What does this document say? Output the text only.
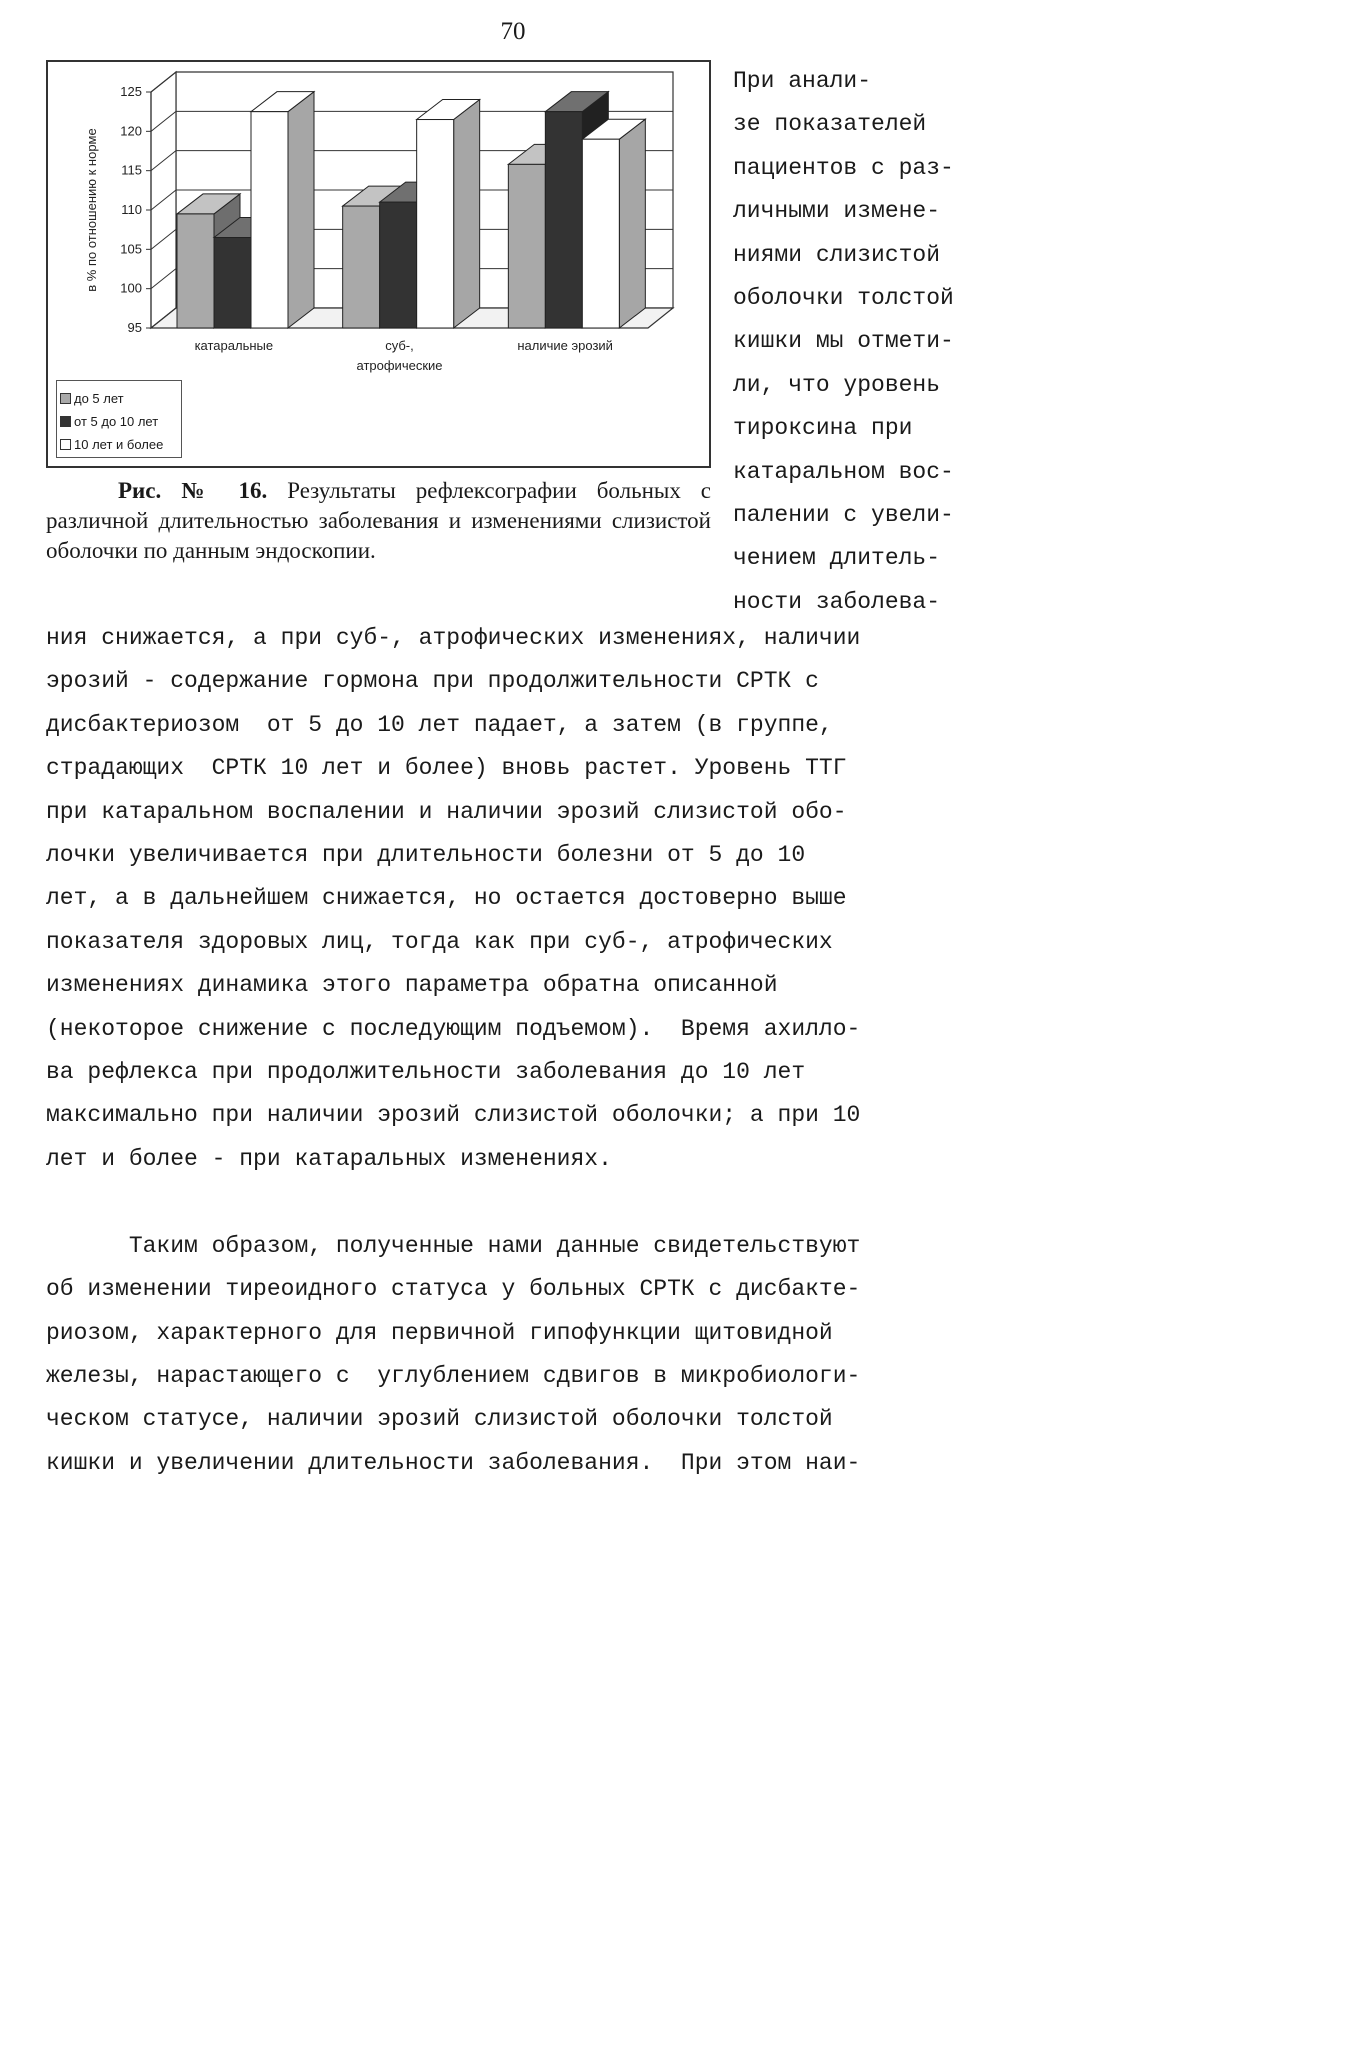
70
95
100
105
110
115
120
125
в % по отношению к норме
катаральные	суб-,
атрофические
наличие эрозий
до 5 лет
от 5 до 10 лет
10 лет и более
Рис. № 16. Результаты рефлексографии больных с различной длительностью заболевания и изменениями слизистой оболочки по данным эндоскопии.
При анали-
зе показателей
пациентов с раз-
личными измене-
ниями слизистой
оболочки толстой
кишки мы отмети-
ли, что уровень
тироксина при
катаральном вос-
палении с увели-
чением длитель-
ности заболева-
ния снижается, а при суб-, атрофических изменениях, наличии
эрозий - содержание гормона при продолжительности СРТК с
дисбактериозом  от 5 до 10 лет падает, а затем (в группе,
страдающих  СРТК 10 лет и более) вновь растет. Уровень ТТГ
при катаральном воспалении и наличии эрозий слизистой обо-
лочки увеличивается при длительности болезни от 5 до 10
лет, а в дальнейшем снижается, но остается достоверно выше
показателя здоровых лиц, тогда как при суб-, атрофических
изменениях динамика этого параметра обратна описанной
(некоторое снижение с последующим подъемом).  Время ахилло-
ва рефлекса при продолжительности заболевания до 10 лет
максимально при наличии эрозий слизистой оболочки; а при 10
лет и более - при катаральных изменениях.

Таким образом, полученные нами данные свидетельствуют
об изменении тиреоидного статуса у больных СРТК с дисбакте-
риозом, характерного для первичной гипофункции щитовидной
железы, нарастающего с  углублением сдвигов в микробиологи-
ческом статусе, наличии эрозий слизистой оболочки толстой
кишки и увеличении длительности заболевания.  При этом наи-
